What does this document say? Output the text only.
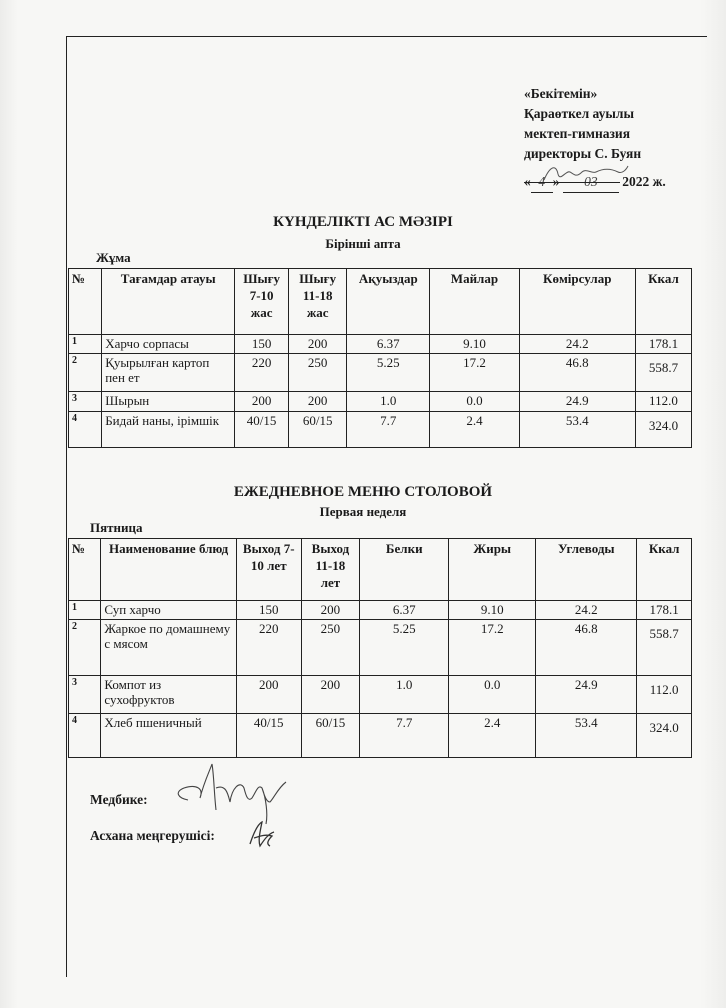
«Бекітемін»
Қараөткел ауылы
мектеп-гимназия
директоры С. Буян
« 4 » 03 2022 ж.
КҮНДЕЛІКТІ АС МӘЗІРІ
Бірінші апта
Жұма
№	Тағамдар атауы	Шығу 7-10 жас	Шығу 11-18 жас	Ақуыздар	Майлар	Көмірсулар	Ккал
1	Харчо сорпасы	150	200	6.37	9.10	24.2	178.1
2	Қуырылған картоп пен ет	220	250	5.25	17.2	46.8	558.7
3	Шырын	200	200	1.0	0.0	24.9	112.0
4	Бидай наны, ірімшік	40/15	60/15	7.7	2.4	53.4	324.0
ЕЖЕДНЕВНОЕ МЕНЮ СТОЛОВОЙ
Первая неделя
Пятница
№	Наименование блюд	Выход 7-10 лет	Выход 11-18 лет	Белки	Жиры	Углеводы	Ккал
1	Суп харчо	150	200	6.37	9.10	24.2	178.1
2	Жаркое по домашнему с мясом	220	250	5.25	17.2	46.8	558.7
3	Компот из сухофруктов	200	200	1.0	0.0	24.9	112.0
4	Хлеб пшеничный	40/15	60/15	7.7	2.4	53.4	324.0
Медбике:
Асхана меңгерушісі:
